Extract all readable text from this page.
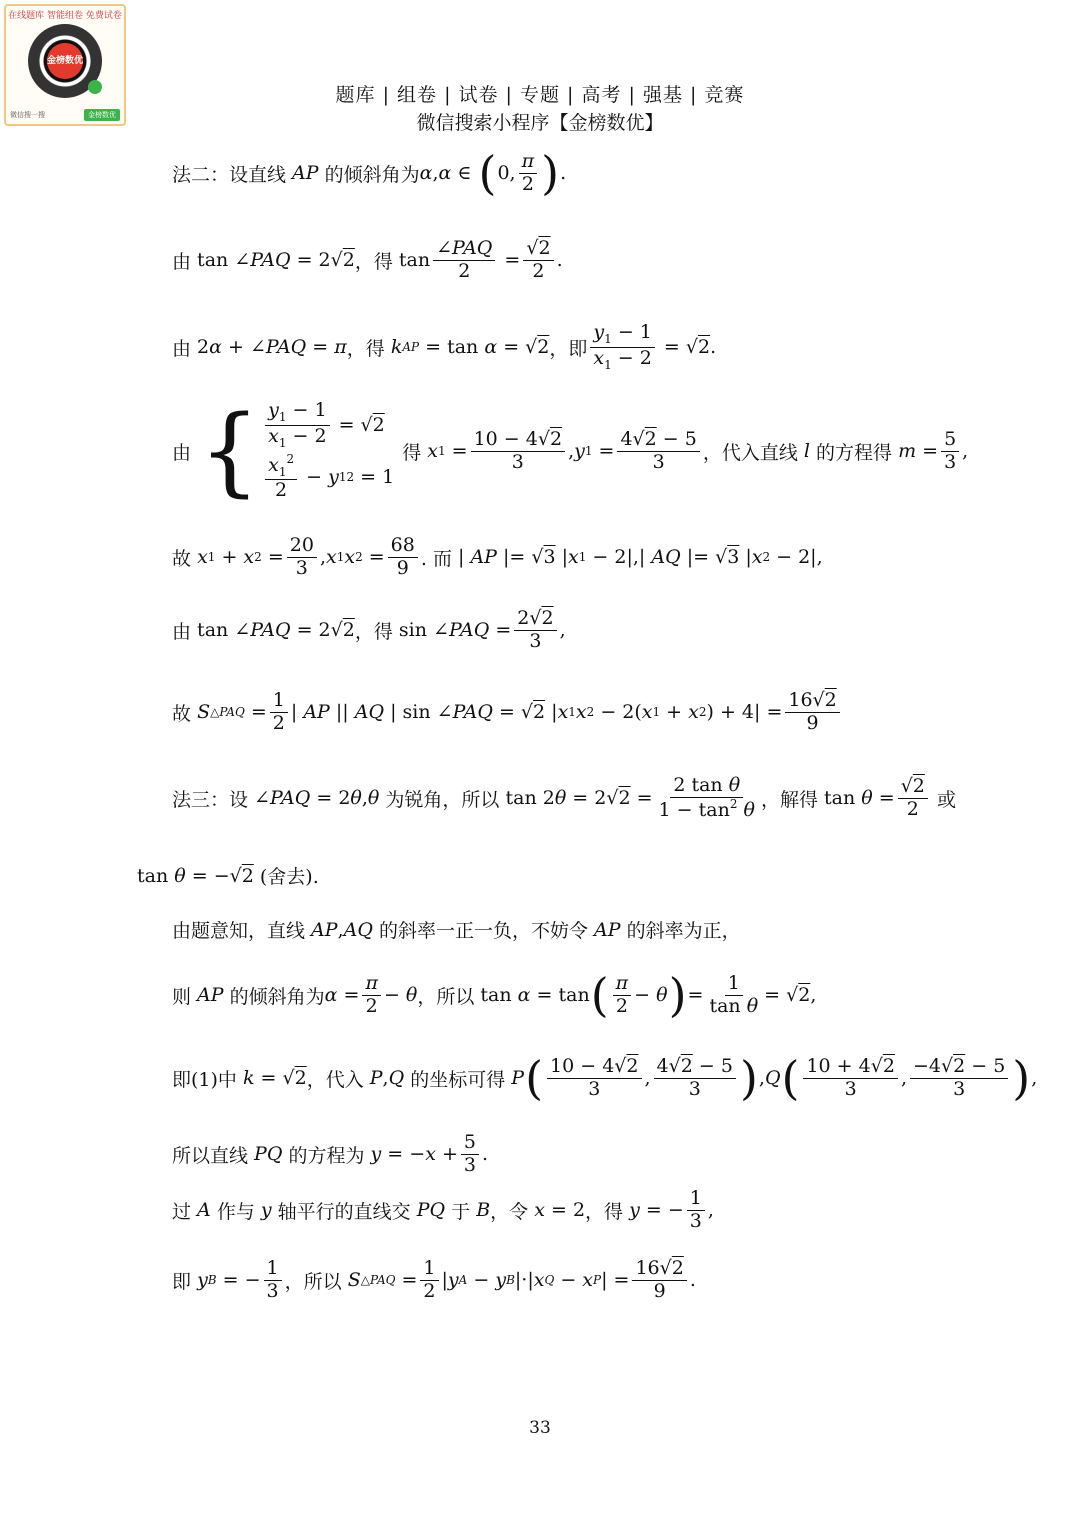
在线题库 智能组卷 免费试卷
金榜数优
微信搜一搜	金榜数优
题库 | 组卷 | 试卷 | 专题 | 高考 | 强基 | 竞赛
微信搜索小程序【金榜数优】
法二：设直线 AP 的倾斜角为 α , α ∈ ( 0, $\frac{\pi}{2}$ ) .
由 tan ∠ PAQ = 2√ 2 ，得 $\tan \frac{\text{∠PAQ}}{2} = \frac{√2}{2}$ .
由 2 α + ∠ PAQ = π ，得
k AP = tan α = √ 2 ，即 $\frac{y_1 - 1}{x_1 - 2}$ = √ 2 .
由 { $\frac{y_1 - 1}{x_1 - 2}$ = √ 2
$\frac{x_1^2}{2} - y$ 1 2 = 1
得
x $1 = \frac{10 - 4√2}{3}$ , y $1 = \frac{4√2 - 5}{3}$ ，代入直线 l 的方程得
$m = \frac{5}{3}$ ,
故
x 1 + x $2 = \frac{20}{3}$ , x 1 x $2 = \frac{68}{9}$ . 而 | AP |= √ 3 | x 1 − 2|,| AQ |= √ 3 | x 2 − 2|,
由 tan ∠ PAQ = 2√ 2 ，得 sin ∠ PAQ = $\frac{2√2}{3}$ ,
故
S △PAQ = $\frac{1}{2}$ | AP || AQ | sin ∠ PAQ = √ 2 | x 1 x 2 − 2( x 1 + x 2 ) + $4| = \frac{16√2}{9}$
法三：设 ∠ PAQ = 2 θ , θ
为锐角，所以 tan 2 θ = 2√ $2 = \frac{\text{2 tan θ}}{1 - \tan^2 \theta}$ ，解得 $\tan \theta = \frac{√2}{2}$
或
tan θ = −√ 2
(舍去).
由题意知，直线 AP , AQ 的斜率一正一负，不妨令 AP 的斜率为正，
则 AP 的倾斜角为 $\alpha = \frac{\pi}{2} - \theta$ ，所以 tan α = tan ( $\frac{\pi}{2} - \theta$ ) = $\frac{1}{\text{tan θ}}$ = √ 2 ,
即(1)中
k = √ 2 ，代入
P , Q 的坐标可得
P ( $\frac{10 - 4√2}{3}$ , $\frac{4√2 - 5}{3}$ ) , Q ( $\frac{10 + 4√2}{3}$ , $\frac{-4√2 - 5}{3}$ ) ,
所以直线 PQ 的方程为
y = − $x + \frac{5}{3}$ .
过 A 作与 y 轴平行的直线交 PQ 于 B ，令
x = 2 ，得
y = − $\frac{1}{3}$ ,
即
y B = − $\frac{1}{3}$ ，所以
S △PAQ = $\frac{1}{2}$ | y A − y B |·| x Q − x P | = $\frac{16√2}{9}$ .
33
